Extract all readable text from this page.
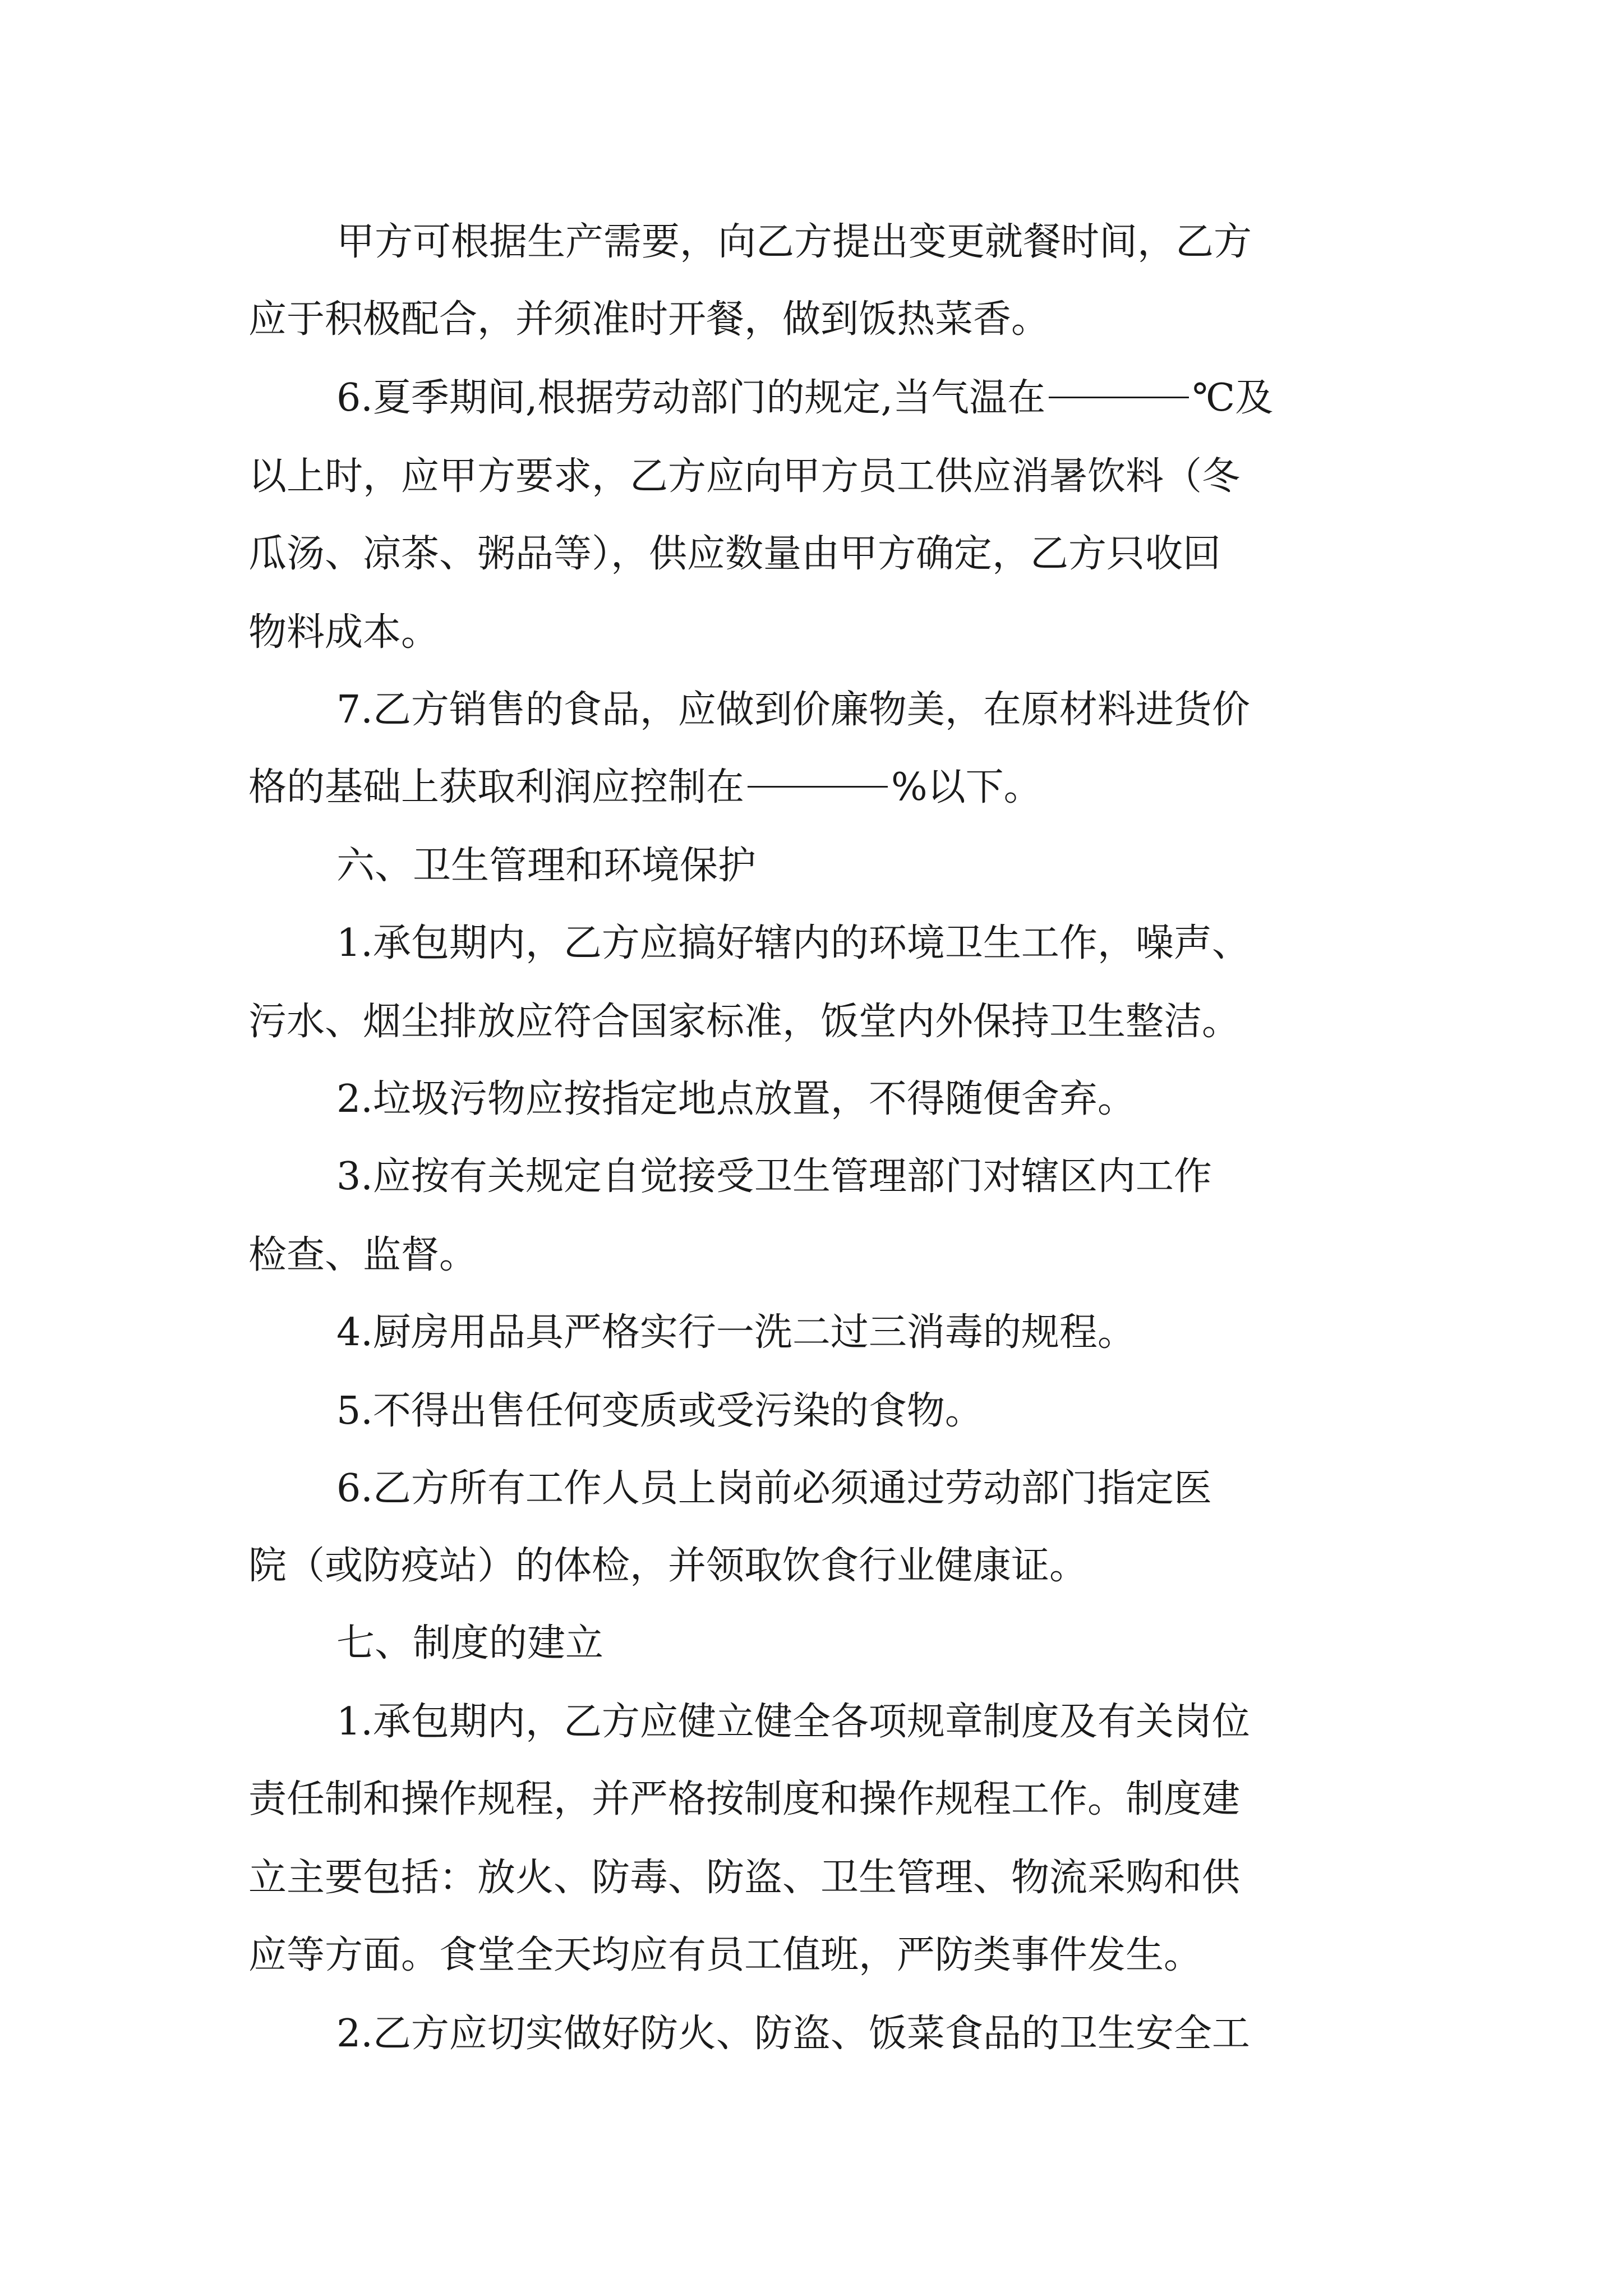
甲方可根据生产需要，向乙方提出变更就餐时间，乙方
应于积极配合，并须准时开餐，做到饭热菜香。
6.夏季期间,根据劳动部门的规定,当气温在	℃及
以上时，应甲方要求，乙方应向甲方员工供应消暑饮料（冬
瓜汤、凉茶、粥品等），供应数量由甲方确定，乙方只收回
物料成本。
7.乙方销售的食品，应做到价廉物美，在原材料进货价
格的基础上获取利润应控制在	%以下。
六、卫生管理和环境保护
1.承包期内，乙方应搞好辖内的环境卫生工作，噪声、
污水、烟尘排放应符合国家标准，饭堂内外保持卫生整洁。
2.垃圾污物应按指定地点放置，不得随便舍弃。
3.应按有关规定自觉接受卫生管理部门对辖区内工作
检查、监督。
4.厨房用品具严格实行一洗二过三消毒的规程。
5.不得出售任何变质或受污染的食物。
6.乙方所有工作人员上岗前必须通过劳动部门指定医
院（或防疫站）的体检，并领取饮食行业健康证。
七、制度的建立
1.承包期内，乙方应健立健全各项规章制度及有关岗位
责任制和操作规程，并严格按制度和操作规程工作。制度建
立主要包括：放火、防毒、防盗、卫生管理、物流采购和供
应等方面。食堂全天均应有员工值班，严防类事件发生。
2.乙方应切实做好防火、防盗、饭菜食品的卫生安全工
